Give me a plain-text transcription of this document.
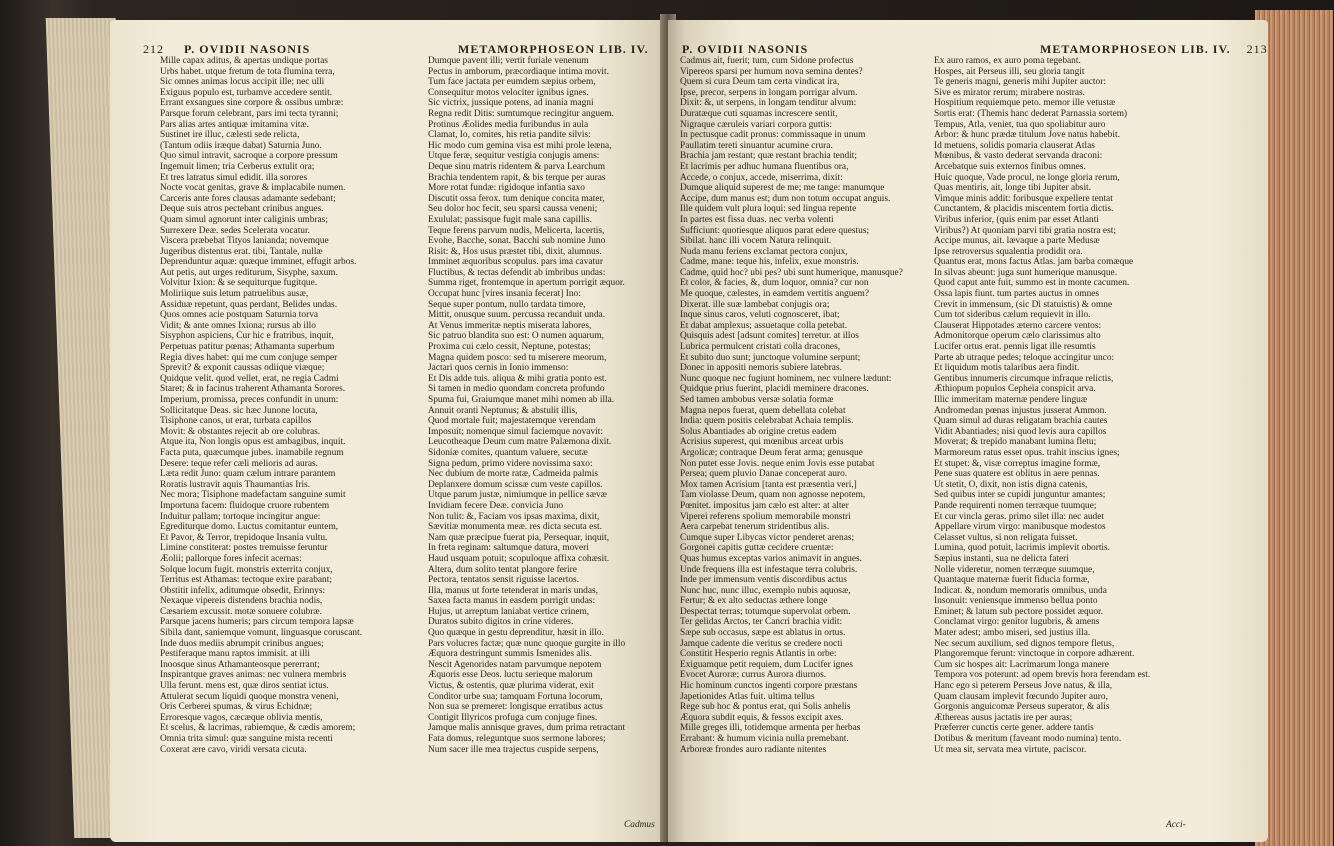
212 P. OVIDII NASONIS	METAMORPHOSEON LIB. IV.
Mille capax aditus, & apertas undique portas
Urbs habet. utque fretum de tota flumina terra,
Sic omnes animas locus accipit ille; nec ulli
Exiguus populo est, turbamve accedere sentit.
Errant exsangues sine corpore & ossibus umbræ:
Parsque forum celebrant, pars imi tecta tyranni;
Pars alias artes antiquæ imitamina vitæ.
Sustinet ire illuc, cælesti sede relicta,
(Tantum odiis iræque dabat) Saturnia Juno.
Quo simul intravit, sacroque a corpore pressum
Ingemuit limen; tria Cerberus extulit ora;
Et tres latratus simul edidit. illa sorores
Nocte vocat genitas, grave & implacabile numen.
Carceris ante fores clausas adamante sedebant;
Deque suis atros pectebant crinibus angues.
Quam simul agnorunt inter caliginis umbras;
Surrexere Deæ. sedes Scelerata vocatur.
Viscera præbebat Tityos lanianda; novemque
Jugeribus distentus erat. tibi, Tantale, nullæ
Deprenduntur aquæ: quæque imminet, effugit arbos.
Aut petis, aut urges rediturum, Sisyphe, saxum.
Volvitur Ixion: & se sequiturque fugitque.
Moliriique suis letum patruelibus ausæ,
Assiduæ repetunt, quas perdant, Belides undas.
Quos omnes acie postquam Saturnia torva
Vidit; & ante omnes Ixiona; rursus ab illo
Sisyphon aspiciens, Cur hic e fratribus, inquit,
Perpetuas patitur pœnas; Athamanta superbum
Regia dives habet: qui me cum conjuge semper
Sprevit? & exponit caussas odiique viæque;
Quidque velit. quod vellet, erat, ne regia Cadmi
Staret; & in facinus traherent Athamanta Sorores.
Imperium, promissa, preces confundit in unum:
Sollicitatque Deas. sic hæc Junone locuta,
Tisiphone canos, ut erat, turbata capillos
Movit: & obstantes rejecit ab ore colubras.
Atque ita, Non longis opus est ambagibus, inquit.
Facta puta, quæcumque jubes. inamabile regnum
Desere: teque refer cæli melioris ad auras.
Læta redit Juno: quam cælum intrare parantem
Roratis lustravit aquis Thaumantias Iris.
Nec mora; Tisiphone madefactam sanguine sumit
Importuna facem: fluidoque cruore rubentem
Induitur pallam; tortoque incingitur angue:
Egrediturque domo. Luctus comitantur euntem,
Et Pavor, & Terror, trepidoque Insania vultu.
Limine constiterat: postes tremuisse feruntur
Æolii; pallorque fores infecit acernas:
Solque locum fugit. monstris exterrita conjux,
Territus est Athamas: tectoque exire parabant;
Obstitit infelix, aditumque obsedit, Erinnys:
Nexaque vipereis distendens brachia nodis,
Cæsariem excussit. motæ sonuere colubræ.
Parsque jacens humeris; pars circum tempora lapsæ
Sibila dant, saniemque vomunt, linguasque coruscant.
Inde duos mediis abrumpit crinibus angues;
Pestiferaque manu raptos immisit. at illi
Inoosque sinus Athamanteosque pererrant;
Inspirantque graves animas: nec vulnera membris
Ulla ferunt. mens est, quæ diros sentiat ictus.
Attulerat secum liquidi quoque monstra veneni,
Oris Cerberei spumas, & virus Echidnæ;
Erroresque vagos, cæcæque oblivia mentis,
Et scelus, & lacrimas, rabiemque, & cædis amorem;
Omnia trita simul: quæ sanguine mista recenti
Coxerat ære cavo, viridi versata cicuta.
Dumque pavent illi; vertit furiale venenum
Pectus in amborum, præcordiaque intima movit.
Tum face jactata per eumdem sæpius orbem,
Consequitur motos velociter ignibus ignes.
Sic victrix, jussique potens, ad inania magni
Regna redit Ditis: sumtumque recingitur anguem.
Protinus Æolides media furibundus in aula
Clamat, Io, comites, his retia pandite silvis:
Hic modo cum gemina visa est mihi prole leæna,
Utque feræ, sequitur vestigia conjugis amens:
Deque sinu matris ridentem & parva Learchum
Brachia tendentem rapit, & bis terque per auras
More rotat fundæ: rigidoque infantia saxo
Discutit ossa ferox. tum denique concita mater,
Seu dolor hoc fecit, seu sparsi caussa veneni;
Exululat; passisque fugit male sana capillis.
Teque ferens parvum nudis, Melicerta, lacertis,
Evohe, Bacche, sonat. Bacchi sub nomine Juno
Risit: &, Hos usus præstet tibi, dixit, alumnus.
Imminet æquoribus scopulus. pars ima cavatur
Fluctibus, & tectas defendit ab imbribus undas:
Summa riget, frontemque in apertum porrigit æquor.
Occupat hunc [vires insania fecerat] Ino:
Seque super pontum, nullo tardata timore,
Mittit, onusque suum. percussa recanduit unda.
At Venus immeritæ neptis miserata labores,
Sic patruo blandita suo est: O numen aquarum,
Proxima cui cælo cessit, Neptune, potestas;
Magna quidem posco: sed tu miserere meorum,
Jactari quos cernis in Ionio immenso:
Et Dis adde tuis. aliqua & mihi gratia ponto est.
Si tamen in medio quondam concreta profundo
Spuma fui, Graiumque manet mihi nomen ab illa.
Annuit oranti Neptunus; & abstulit illis,
Quod mortale fuit; majestatemque verendam
Imposuit; nomenque simul faciemque novavit:
Leucotheaque Deum cum matre Palæmona dixit.
Sidoniæ comites, quantum valuere, secutæ
Signa pedum, primo videre novissima saxo:
Nec dubium de morte ratæ, Cadmeida palmis
Deplanxere domum scissæ cum veste capillos.
Utque parum justæ, nimiumque in pellice sævæ
Invidiam fecere Deæ. convicia Juno
Non tulit: &, Faciam vos ipsas maxima, dixit,
Sævitiæ monumenta meæ. res dicta secuta est.
Nam quæ præcipue fuerat pia, Persequar, inquit,
In freta reginam: saltumque datura, moveri
Haud usquam potuit; scopuloque affixa cohæsit.
Altera, dum solito tentat plangore ferire
Pectora, tentatos sensit riguisse lacertos.
Illa, manus ut forte tetenderat in maris undas,
Saxea facta manus in easdem porrigit undas:
Hujus, ut arreptum laniabat vertice crinem,
Duratos subito digitos in crine videres.
Quo quæque in gestu deprenditur, hæsit in illo.
Pars volucres factæ; quæ nunc quoque gurgite in illo
Æquora destringunt summis Ismenides alis.
Nescit Agenorides natam parvumque nepotem
Æquoris esse Deos. luctu serieque malorum
Victus, & ostentis, quæ plurima viderat, exit
Conditor urbe sua; tamquam Fortuna locorum,
Non sua se premeret: longisque erratibus actus
Contigit Illyricos profuga cum conjuge fines.
Jamque malis annisque graves, dum prima retractant
Fata domus, releguntque suos sermone labores;
Num sacer ille mea trajectus cuspide serpens,
Cadmus
P. OVIDII NASONIS	METAMORPHOSEON LIB. IV. 213
Cadmus ait, fuerit; tum, cum Sidone profectus
Vipereos sparsi per humum nova semina dentes?
Quem si cura Deum tam certa vindicat ira,
Ipse, precor, serpens in longam porrigar alvum.
Dixit: &, ut serpens, in longam tenditur alvum:
Duratæque cuti squamas increscere sentit,
Nigraque cæruleis variari corpora guttis:
In pectusque cadit pronus: commissaque in unum
Paullatim tereti sinuantur acumine crura.
Brachia jam restant; quæ restant brachia tendit;
Et lacrimis per adhuc humana fluentibus ora,
Accede, o conjux, accede, miserrima, dixit:
Dumque aliquid superest de me; me tange: manumque
Accipe, dum manus est; dum non totum occupat anguis.
Ille quidem vult plura loqui: sed lingua repente
In partes est fissa duas. nec verba volenti
Sufficiunt: quotiesque aliquos parat edere questus;
Sibilat. hanc illi vocem Natura relinquit.
Nuda manu feriens exclamat pectora conjux,
Cadme, mane: teque his, infelix, exue monstris.
Cadme, quid hoc? ubi pes? ubi sunt humerique, manusque?
Et color, & facies, &, dum loquor, omnia? cur non
Me quoque, cælestes, in eamdem vertitis anguem?
Dixerat. ille suæ lambebat conjugis ora;
Inque sinus caros, veluti cognosceret, ibat;
Et dabat amplexus; assuetaque colla petebat.
Quisquis adest [adsunt comites] terretur. at illos
Lubrica permulcent cristati colla dracones,
Et subito duo sunt; junctoque volumine serpunt;
Donec in appositi nemoris subiere latebras.
Nunc quoque nec fugiunt hominem, nec vulnere lædunt:
Quidque prius fuerint, placidi meminere dracones.
Sed tamen ambobus versæ solatia formæ
Magna nepos fuerat, quem debellata colebat
India: quem positis celebrabat Achaia templis.
Solus Abantiades ab origine cretus eadem
Acrisius superest, qui mœnibus arceat urbis
Argolicæ; contraque Deum ferat arma; genusque
Non putet esse Jovis. neque enim Jovis esse putabat
Persea; quem pluvio Danae conceperat auro.
Mox tamen Acrisium [tanta est præsentia veri,]
Tam violasse Deum, quam non agnosse nepotem,
Pœnitet. impositus jam cælo est alter: at alter
Viperei referens spolium memorabile monstri
Aera carpebat tenerum stridentibus alis.
Cumque super Libycas victor penderet arenas;
Gorgonei capitis guttæ cecidere cruentæ:
Quas humus exceptas varios animavit in angues.
Unde frequens illa est infestaque terra colubris.
Inde per immensum ventis discordibus actus
Nunc huc, nunc illuc, exemplo nubis aquosæ,
Fertur; & ex alto seductas æthere longe
Despectat terras; totumque supervolat orbem.
Ter gelidas Arctos, ter Cancri brachia vidit:
Sæpe sub occasus, sæpe est ablatus in ortus.
Jamque cadente die veritus se credere nocti
Constitit Hesperio regnis Atlantis in orbe:
Exiguamque petit requiem, dum Lucifer ignes
Evocet Auroræ; currus Aurora diurnos.
Hic hominum cunctos ingenti corpore præstans
Japetionides Atlas fuit. ultima tellus
Rege sub hoc & pontus erat, qui Solis anhelis
Æquora subdit equis, & fessos excipit axes.
Mille greges illi, totidemque armenta per herbas
Errabant: & humum vicinia nulla premebant.
Arboreæ frondes auro radiante nitentes
Ex auro ramos, ex auro poma tegebant.
Hospes, ait Perseus illi, seu gloria tangit
Te generis magni, generis mihi Jupiter auctor:
Sive es mirator rerum; mirabere nostras.
Hospitium requiemque peto. memor ille vetustæ
Sortis erat: (Themis hanc dederat Parnassia sortem)
Tempus, Atla, veniet, tua quo spoliabitur auro
Arbor: & hunc prædæ titulum Jove natus habebit.
Id metuens, solidis pomaria clauserat Atlas
Mœnibus, & vasto dederat servanda draconi:
Arcebatque suis externos finibus omnes.
Huic quoque, Vade procul, ne longe gloria rerum,
Quas mentiris, ait, longe tibi Jupiter absit.
Vimque minis addit: foribusque expellere tentat
Cunctantem, & placidis miscentem fortia dictis.
Viribus inferior, (quis enim par esset Atlanti
Viribus?) At quoniam parvi tibi gratia nostra est;
Accipe munus, ait. lævaque a parte Medusæ
Ipse retroversus squalentia prodidit ora.
Quantus erat, mons factus Atlas. jam barba comæque
In silvas abeunt: juga sunt humerique manusque.
Quod caput ante fuit, summo est in monte cacumen.
Ossa lapis fiunt. tum partes auctus in omnes
Crevit in immensum, (sic Di statuistis) & omne
Cum tot sideribus cælum requievit in illo.
Clauserat Hippotades æterno carcere ventos:
Admonitorque operum cælo clarissimus alto
Lucifer ortus erat. pennis ligat ille resumtis
Parte ab utraque pedes; teloque accingitur unco:
Et liquidum motis talaribus aera findit.
Gentibus innumeris circumque infraque relictis,
Æthiopum populos Cepheïa conspicit arva.
Illic immeritam maternæ pendere linguæ
Andromedan pœnas injustus jusserat Ammon.
Quam simul ad duras religatam brachia cautes
Vidit Abantiades; nisi quod levis aura capillos
Moverat; & trepido manabant lumina fletu;
Marmoreum ratus esset opus. trahit inscius ignes;
Et stupet: &, visæ correptus imagine formæ,
Pene suas quatere est oblitus in aere pennas.
Ut stetit, O, dixit, non istis digna catenis,
Sed quibus inter se cupidi junguntur amantes;
Pande requirenti nomen terræque tuumque;
Et cur vincla geras. primo silet illa: nec audet
Appellare virum virgo: manibusque modestos
Celasset vultus, si non religata fuisset.
Lumina, quod potuit, lacrimis implevit obortis.
Sæpius instanti, sua ne delicta fateri
Nolle videretur, nomen terræque suumque,
Quantaque maternæ fuerit fiducia formæ,
Indicat. &, nondum memoratis omnibus, unda
Insonuit: veniensque immenso bellua ponto
Eminet; & latum sub pectore possidet æquor.
Conclamat virgo: genitor lugubris, & amens
Mater adest; ambo miseri, sed justius illa.
Nec secum auxilium, sed dignos tempore fletus,
Plangoremque ferunt: vinctoque in corpore adhærent.
Cum sic hospes ait: Lacrimarum longa manere
Tempora vos poterunt: ad opem brevis hora ferendam est.
Hanc ego si peterem Perseus Jove natus, & illa,
Quam clausam implevit fœcundo Jupiter auro,
Gorgonis anguicomæ Perseus superator, & alis
Æthereas ausus jactatis ire per auras;
Præferrer cunctis certe gener. addere tantis
Dotibus & meritum (faveant modo numina) tento.
Ut mea sit, servata mea virtute, paciscor.
Acci-
